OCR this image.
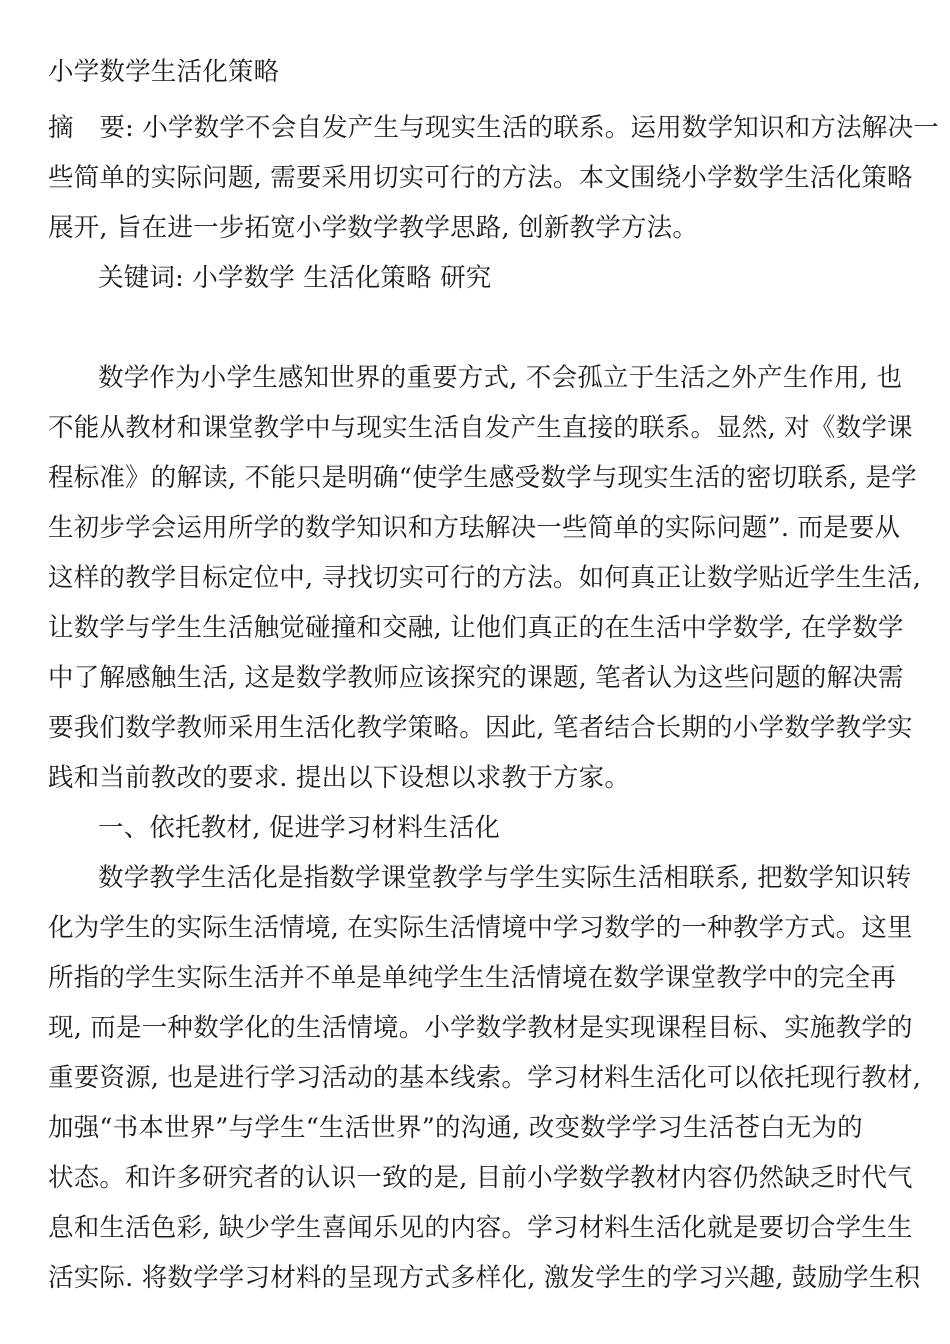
小学数学生活化策略
摘　要: 小学数学不会自发产生与现实生活的联系。运用数学知识和方法解决一
些简单的实际问题, 需要采用切实可行的方法。本文围绕小学数学生活化策略
展开, 旨在进一步拓宽小学数学教学思路, 创新教学方法。
关键词: 小学数学 生活化策略 研究
数学作为小学生感知世界的重要方式, 不会孤立于生活之外产生作用, 也
不能从教材和课堂教学中与现实生活自发产生直接的联系。显然, 对《数学课
程标准》的解读, 不能只是明确“使学生感受数学与现实生活的密切联系, 是学
生初步学会运用所学的数学知识和方珐解决一些简单的实际问题”. 而是要从
这样的教学目标定位中, 寻找切实可行的方法。如何真正让数学贴近学生生活,
让数学与学生生活触觉碰撞和交融, 让他们真正的在生活中学数学, 在学数学
中了解感触生活, 这是数学教师应该探究的课题, 笔者认为这些问题的解决需
要我们数学教师采用生活化教学策略。因此, 笔者结合长期的小学数学教学实
践和当前教改的要求. 提出以下设想以求教于方家。
一、依托教材, 促进学习材料生活化
数学教学生活化是指数学课堂教学与学生实际生活相联系, 把数学知识转
化为学生的实际生活情境, 在实际生活情境中学习数学的一种教学方式。这里
所指的学生实际生活并不单是单纯学生生活情境在数学课堂教学中的完全再
现, 而是一种数学化的生活情境。小学数学教材是实现课程目标、实施教学的
重要资源, 也是进行学习活动的基本线索。学习材料生活化可以依托现行教材,
加强“书本世界”与学生“生活世界”的沟通, 改变数学学习生活苍白无为的
状态。和许多研究者的认识一致的是, 目前小学数学教材内容仍然缺乏时代气
息和生活色彩, 缺少学生喜闻乐见的内容。学习材料生活化就是要切合学生生
活实际. 将数学学习材料的呈现方式多样化, 激发学生的学习兴趣, 鼓励学生积
